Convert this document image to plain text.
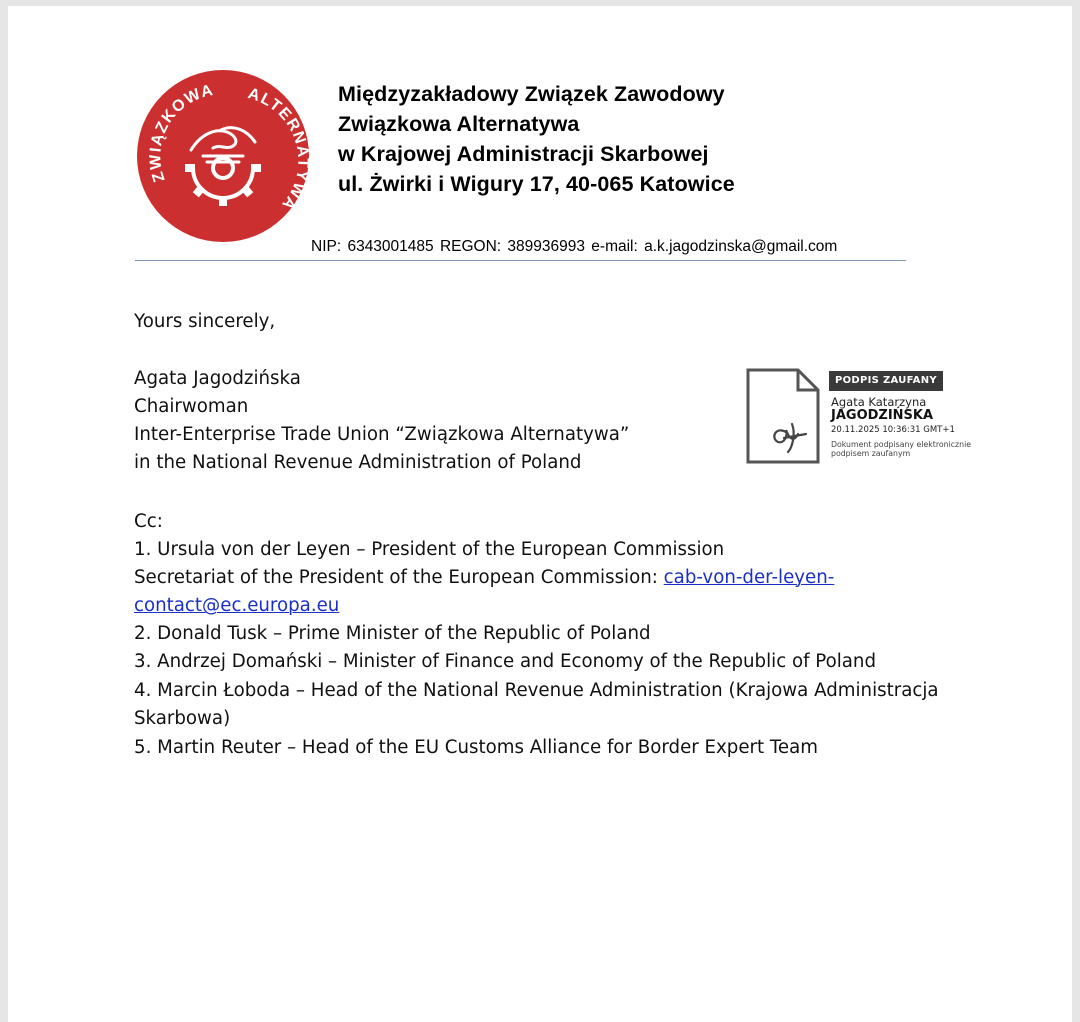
ZWIĄZKOWA ALTERNATYWA
Międzyzakładowy Związek Zawodowy
Związkowa Alternatywa
w Krajowej Administracji Skarbowej
ul. Żwirki i Wigury 17, 40-065 Katowice
NIP: 6343001485 REGON: 389936993 e-mail: a.k.jagodzinska@gmail.com
Yours sincerely,
Agata Jagodzińska
Chairwoman
Inter-Enterprise Trade Union “Związkowa Alternatywa”
in the National Revenue Administration of Poland
PODPIS ZAUFANY
Agata Katarzyna
JAGODZIŃSKA
20.11.2025 10:36:31 GMT+1
Dokument podpisany elektronicznie
podpisem zaufanym
Cc:
1. Ursula von der Leyen – President of the European Commission
Secretariat of the President of the European Commission: cab-von-der-leyen-
contact@ec.europa.eu
2. Donald Tusk – Prime Minister of the Republic of Poland
3. Andrzej Domański – Minister of Finance and Economy of the Republic of Poland
4. Marcin Łoboda – Head of the National Revenue Administration (Krajowa Administracja
Skarbowa)
5. Martin Reuter – Head of the EU Customs Alliance for Border Expert Team
